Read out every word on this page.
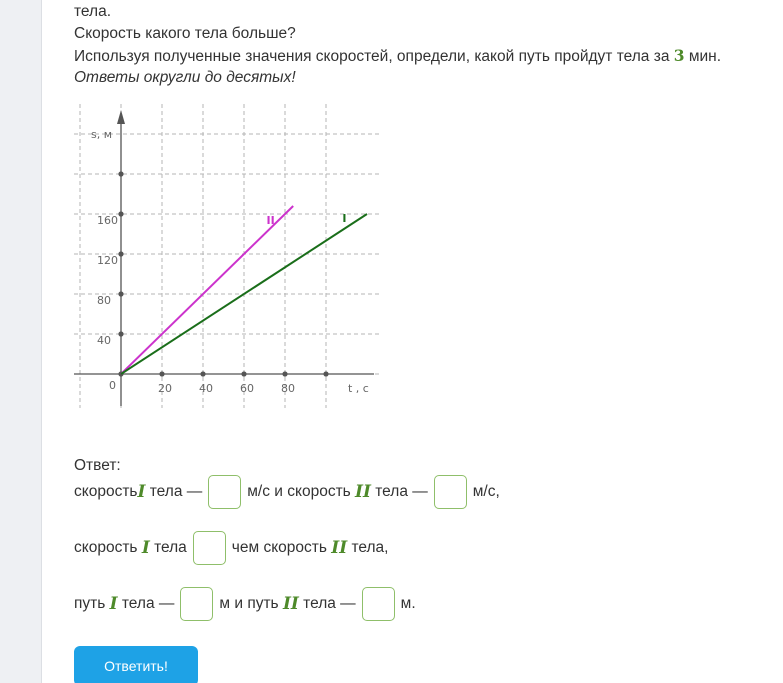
тела.
Скорость какого тела больше?
Используя полученные значения скоростей, определи, какой путь пройдут тела за 3 мин.
Ответы округли до десятых!
0	20 40 60 80
40
80
120
160
s, м
t , c
II	I
Ответ:
скорость I тела —	м/с и скорость II тела —	м/с,
скорость I тела	чем скорость II тела,
путь I тела —	м и путь II тела —	м.
Ответить!
